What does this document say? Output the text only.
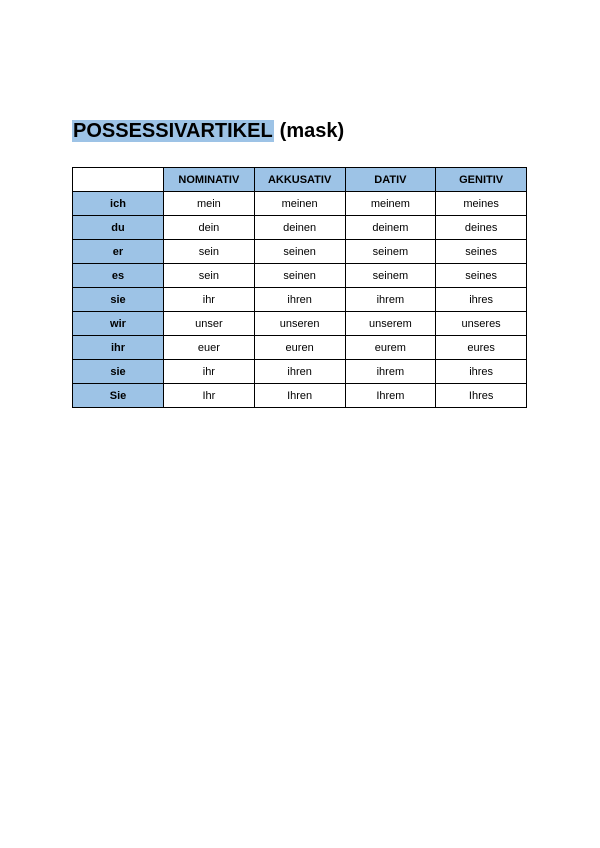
POSSESSIVARTIKEL (mask)
	NOMINATIV	AKKUSATIV	DATIV	GENITIV
ich	mein	meinen	meinem	meines
du	dein	deinen	deinem	deines
er	sein	seinen	seinem	seines
es	sein	seinen	seinem	seines
sie	ihr	ihren	ihrem	ihres
wir	unser	unseren	unserem	unseres
ihr	euer	euren	eurem	eures
sie	ihr	ihren	ihrem	ihres
Sie	Ihr	Ihren	Ihrem	Ihres
